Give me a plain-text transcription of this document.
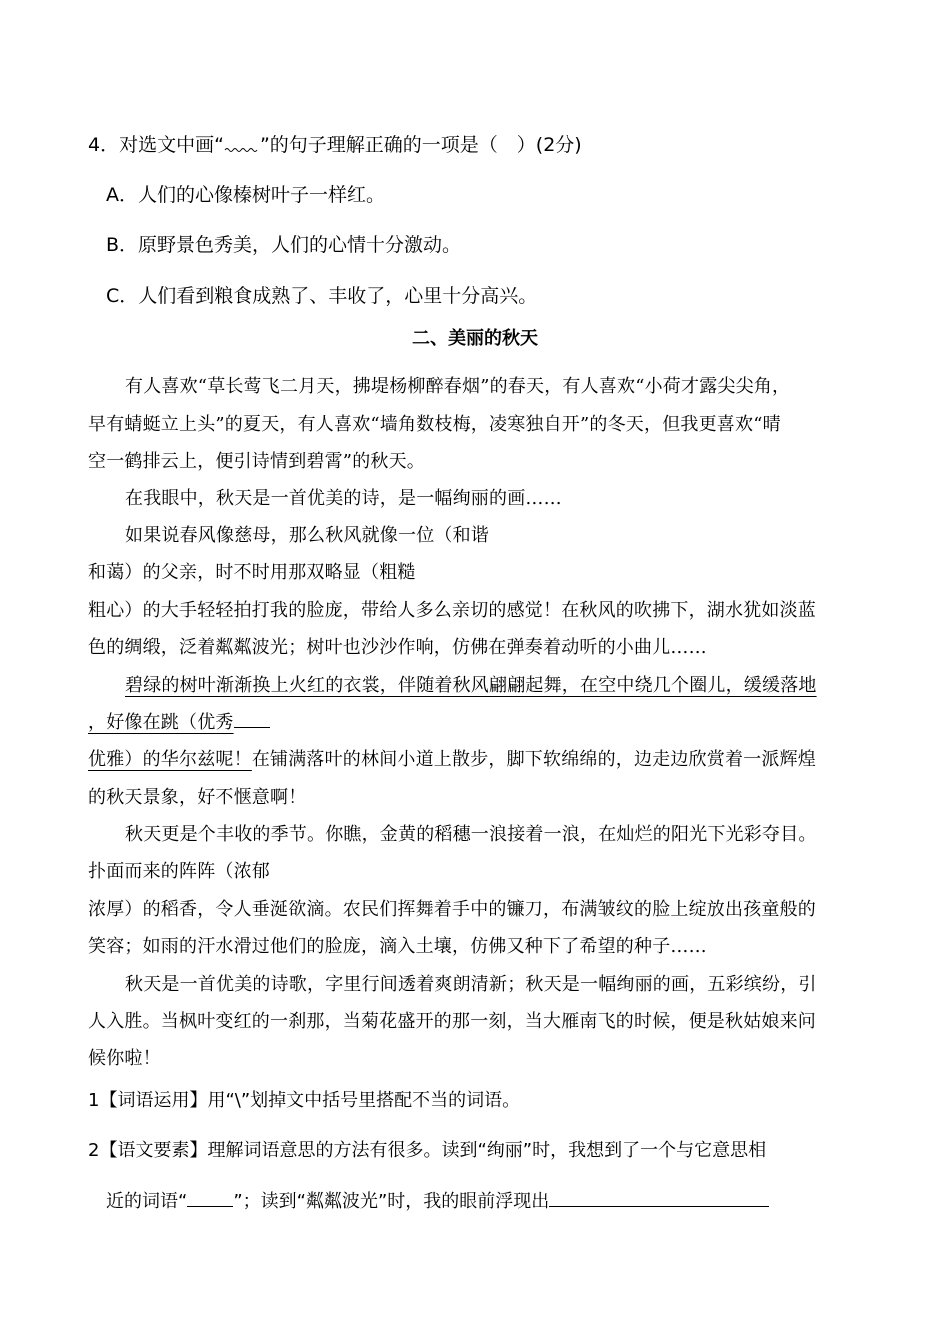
4．对选文中画“ ”的句子理解正确的一项是（　）(2分)
A．人们的心像榛树叶子一样红。
B．原野景色秀美，人们的心情十分激动。
C．人们看到粮食成熟了、丰收了，心里十分高兴。
二、美丽的秋天
有人喜欢“草长莺飞二月天，拂堤杨柳醉春烟”的春天，有人喜欢“小荷才露尖尖角，
早有蜻蜓立上头”的夏天，有人喜欢“墙角数枝梅，凌寒独自开”的冬天，但我更喜欢“晴
空一鹤排云上，便引诗情到碧霄”的秋天。
在我眼中，秋天是一首优美的诗，是一幅绚丽的画……
如果说春风像慈母，那么秋风就像一位（和谐
和蔼）的父亲，时不时用那双略显（粗糙
粗心）的大手轻轻拍打我的脸庞，带给人多么亲切的感觉！在秋风的吹拂下，湖水犹如淡蓝
色的绸缎，泛着粼粼波光；树叶也沙沙作响，仿佛在弹奏着动听的小曲儿……
碧绿的树叶渐渐换上火红的衣裳，伴随着秋风翩翩起舞，在空中绕几个圈儿，缓缓落地
，好像在跳（优秀
优雅）的华尔兹呢！在铺满落叶的林间小道上散步，脚下软绵绵的，边走边欣赏着一派辉煌
的秋天景象，好不惬意啊！
秋天更是个丰收的季节。你瞧，金黄的稻穗一浪接着一浪，在灿烂的阳光下光彩夺目。
扑面而来的阵阵（浓郁
浓厚）的稻香，令人垂涎欲滴。农民们挥舞着手中的镰刀，布满皱纹的脸上绽放出孩童般的
笑容；如雨的汗水滑过他们的脸庞，滴入土壤，仿佛又种下了希望的种子……
秋天是一首优美的诗歌，字里行间透着爽朗清新；秋天是一幅绚丽的画，五彩缤纷，引
人入胜。当枫叶变红的一刹那，当菊花盛开的那一刻，当大雁南飞的时候，便是秋姑娘来问
候你啦！
1【词语运用】用“\”划掉文中括号里搭配不当的词语。
2【语文要素】理解词语意思的方法有很多。读到“绚丽”时，我想到了一个与它意思相
近的词语“	”；读到“粼粼波光”时，我的眼前浮现出
